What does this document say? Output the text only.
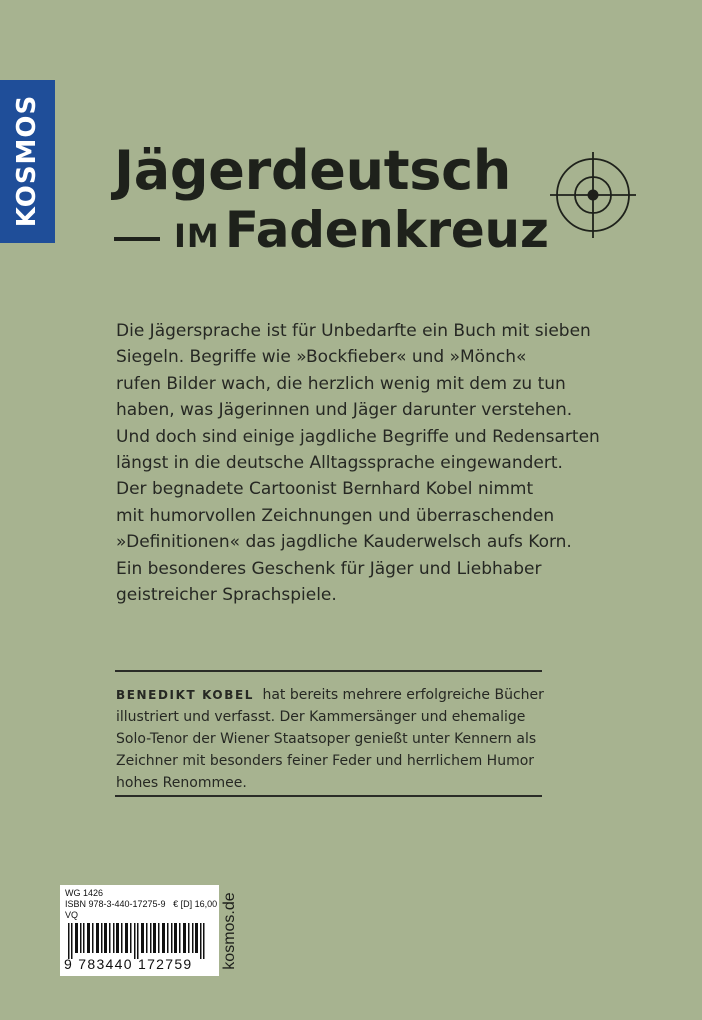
KOSMOS Jägerdeutsch
IM Fadenkreuz
Die Jägersprache ist für Unbedarfte ein Buch mit sieben
Siegeln. Begriffe wie »Bockfieber« und »Mönch«
rufen Bilder wach, die herzlich wenig mit dem zu tun
haben, was Jägerinnen und Jäger darunter verstehen.
Und doch sind einige jagdliche Begriffe und Redensarten
längst in die deutsche Alltagssprache eingewandert.
Der begnadete Cartoonist Bernhard Kobel nimmt
mit humorvollen Zeichnungen und überraschenden
»Definitionen« das jagdliche Kauderwelsch aufs Korn.
Ein besonderes Geschenk für Jäger und Liebhaber
geistreicher Sprachspiele.
BENEDIKT KOBEL hat bereits mehrere erfolgreiche Bücher
illustriert und verfasst. Der Kammersänger und ehemalige
Solo-Tenor der Wiener Staatsoper genießt unter Kennern als
Zeichner mit besonders feiner Feder und herrlichem Humor
hohes Renommee.
WG 1426
ISBN 978-3-440-17275-9 € [D] 16,00
VQ
9 783440 172759 kosmos.de
